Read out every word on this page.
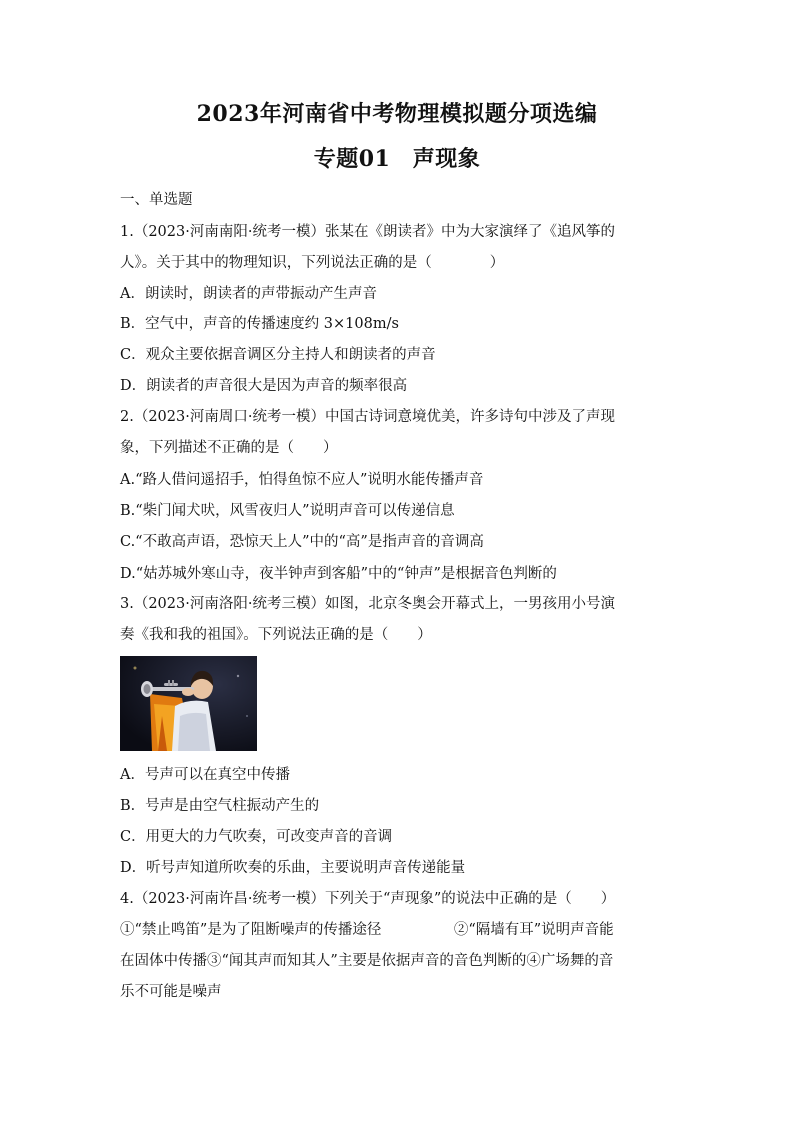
2023年河南省中考物理模拟题分项选编
专题01　声现象
一、单选题
1.（2023·河南南阳·统考一模）张某在《朗读者》中为大家演绎了《追风筝的
人》。关于其中的物理知识，下列说法正确的是（　　　　）
A．朗读时，朗读者的声带振动产生声音
B．空气中，声音的传播速度约 3×108m/s
C．观众主要依据音调区分主持人和朗读者的声音
D．朗读者的声音很大是因为声音的频率很高
2.（2023·河南周口·统考一模）中国古诗词意境优美，许多诗句中涉及了声现
象，下列描述不正确的是（　　）
A.“路人借问遥招手，怕得鱼惊不应人”说明水能传播声音
B.“柴门闻犬吠，风雪夜归人”说明声音可以传递信息
C.“不敢高声语，恐惊天上人”中的“高”是指声音的音调高
D.“姑苏城外寒山寺，夜半钟声到客船”中的“钟声”是根据音色判断的
3.（2023·河南洛阳·统考三模）如图，北京冬奥会开幕式上，一男孩用小号演
奏《我和我的祖国》。下列说法正确的是（　　）
A．号声可以在真空中传播
B．号声是由空气柱振动产生的
C．用更大的力气吹奏，可改变声音的音调
D．听号声知道所吹奏的乐曲，主要说明声音传递能量
4.（2023·河南许昌·统考一模）下列关于“声现象”的说法中正确的是（　　）
①“禁止鸣笛”是为了阻断噪声的传播途径　　　　　②“隔墙有耳”说明声音能
在固体中传播③“闻其声而知其人”主要是依据声音的音色判断的④广场舞的音
乐不可能是噪声
